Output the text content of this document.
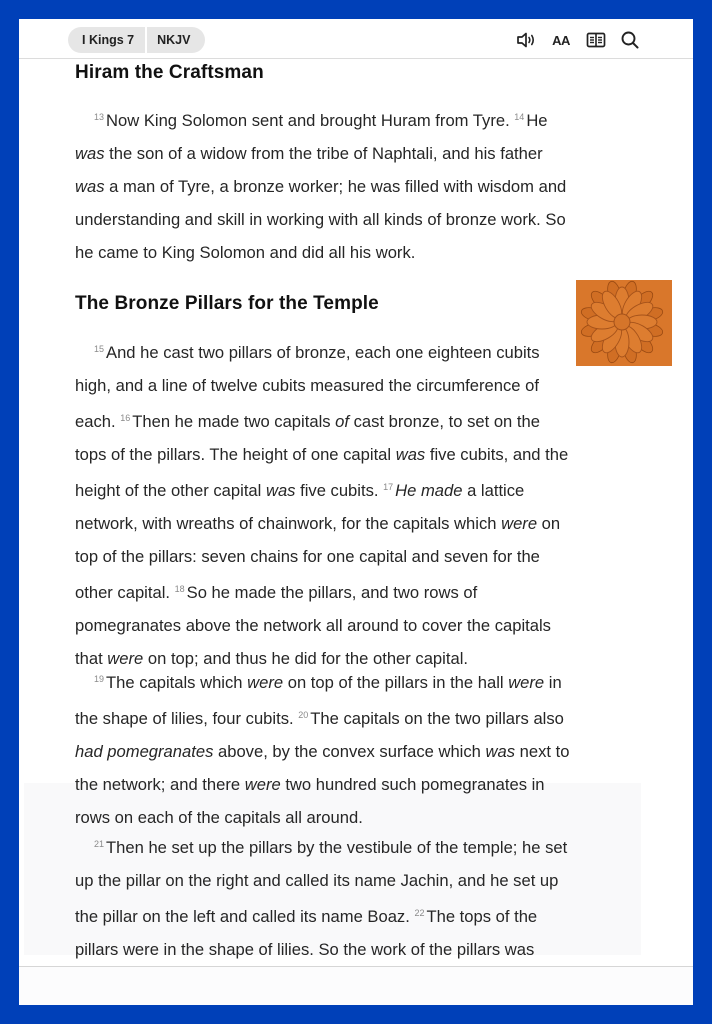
I Kings 7	NKJV	AA
Hiram the Craftsman
$^{13}$ Now King Solomon sent and brought Huram from Tyre. $^{14}$ He
was the son of a widow from the tribe of Naphtali, and his father
was a man of Tyre, a bronze worker; he was filled with wisdom and
understanding and skill in working with all kinds of bronze work. So
he came to King Solomon and did all his work.
The Bronze Pillars for the Temple
$^{15}$ And he cast two pillars of bronze, each one eighteen cubits
high, and a line of twelve cubits measured the circumference of
each. $^{16}$ Then he made two capitals of cast bronze, to set on the
tops of the pillars. The height of one capital was five cubits, and the
height of the other capital was five cubits. $^{17}$ He made a lattice
network, with wreaths of chainwork, for the capitals which were on
top of the pillars: seven chains for one capital and seven for the
other capital. $^{18}$ So he made the pillars, and two rows of
pomegranates above the network all around to cover the capitals
that were on top; and thus he did for the other capital.
$^{19}$ The capitals which were on top of the pillars in the hall were in
the shape of lilies, four cubits. $^{20}$ The capitals on the two pillars also
had pomegranates above, by the convex surface which was next to
the network; and there were two hundred such pomegranates in
rows on each of the capitals all around.
$^{21}$ Then he set up the pillars by the vestibule of the temple; he set
up the pillar on the right and called its name Jachin, and he set up
the pillar on the left and called its name Boaz. $^{22}$ The tops of the
pillars were in the shape of lilies. So the work of the pillars was
